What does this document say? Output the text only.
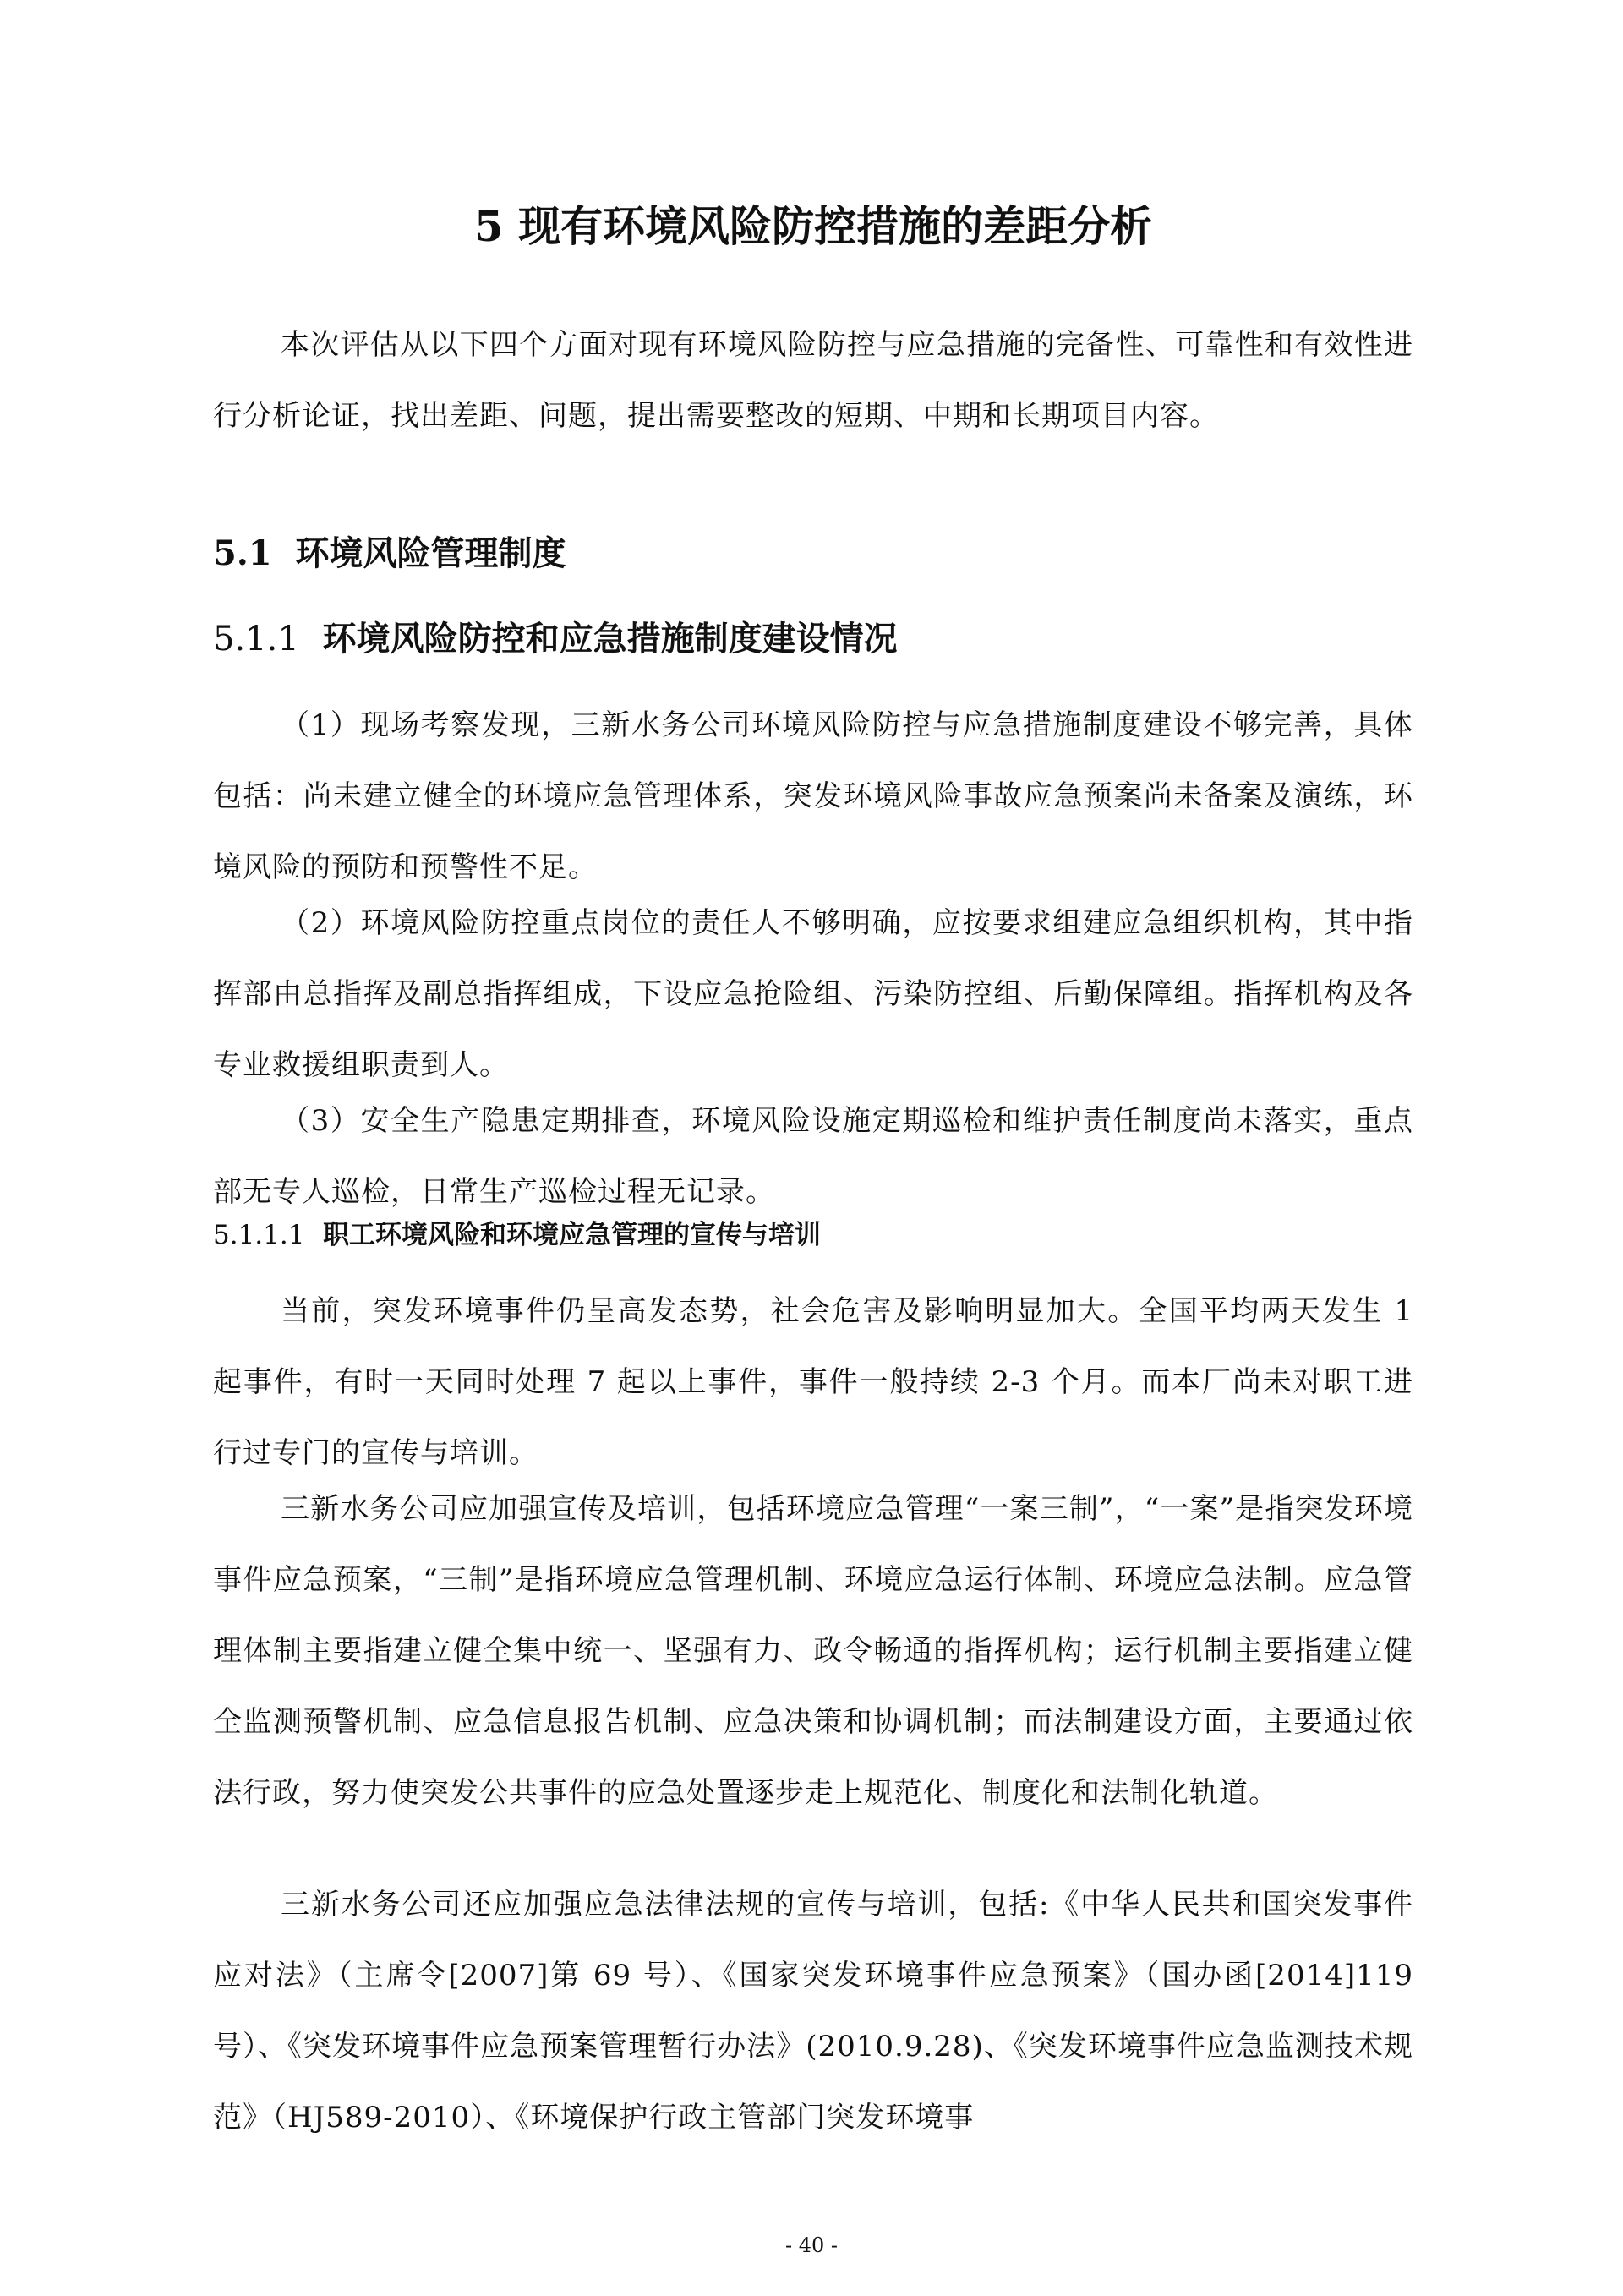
5 现有环境风险防控措施的差距分析

本次评估从以下四个方面对现有环境风险防控与应急措施的完备性、可靠性和有效性进行分析论证，找出差距、问题，提出需要整改的短期、中期和长期项目内容。

5.1 环境风险管理制度
5.1.1 环境风险防控和应急措施制度建设情况

（1）现场考察发现，三新水务公司环境风险防控与应急措施制度建设不够完善，具体包括：尚未建立健全的环境应急管理体系，突发环境风险事故应急预案尚未备案及演练，环境风险的预防和预警性不足。

（2）环境风险防控重点岗位的责任人不够明确，应按要求组建应急组织机构，其中指挥部由总指挥及副总指挥组成，下设应急抢险组、污染防控组、后勤保障组。指挥机构及各专业救援组职责到人。

（3）安全生产隐患定期排查，环境风险设施定期巡检和维护责任制度尚未落实，重点部无专人巡检，日常生产巡检过程无记录。

5.1.1.1 职工环境风险和环境应急管理的宣传与培训

当前，突发环境事件仍呈高发态势，社会危害及影响明显加大。全国平均两天发生 1 起事件，有时一天同时处理 7 起以上事件，事件一般持续 2-3 个月。而本厂尚未对职工进行过专门的宣传与培训。

三新水务公司应加强宣传及培训，包括环境应急管理“一案三制”，“一案”是指突发环境事件应急预案，“三制”是指环境应急管理机制、环境应急运行体制、环境应急法制。应急管理体制主要指建立健全集中统一、坚强有力、政令畅通的指挥机构；运行机制主要指建立健全监测预警机制、应急信息报告机制、应急决策和协调机制；而法制建设方面，主要通过依法行政，努力使突发公共事件的应急处置逐步走上规范化、制度化和法制化轨道。

三新水务公司还应加强应急法律法规的宣传与培训，包括:《中华人民共和国突发事件应对法》（主席令[2007]第 69 号）、《国家突发环境事件应急预案》（国办函[2014]119 号）、《突发环境事件应急预案管理暂行办法》(2010.9.28)、《突发环境事件应急监测技术规范》（HJ589-2010）、《环境保护行政主管部门突发环境事

- 40 -
